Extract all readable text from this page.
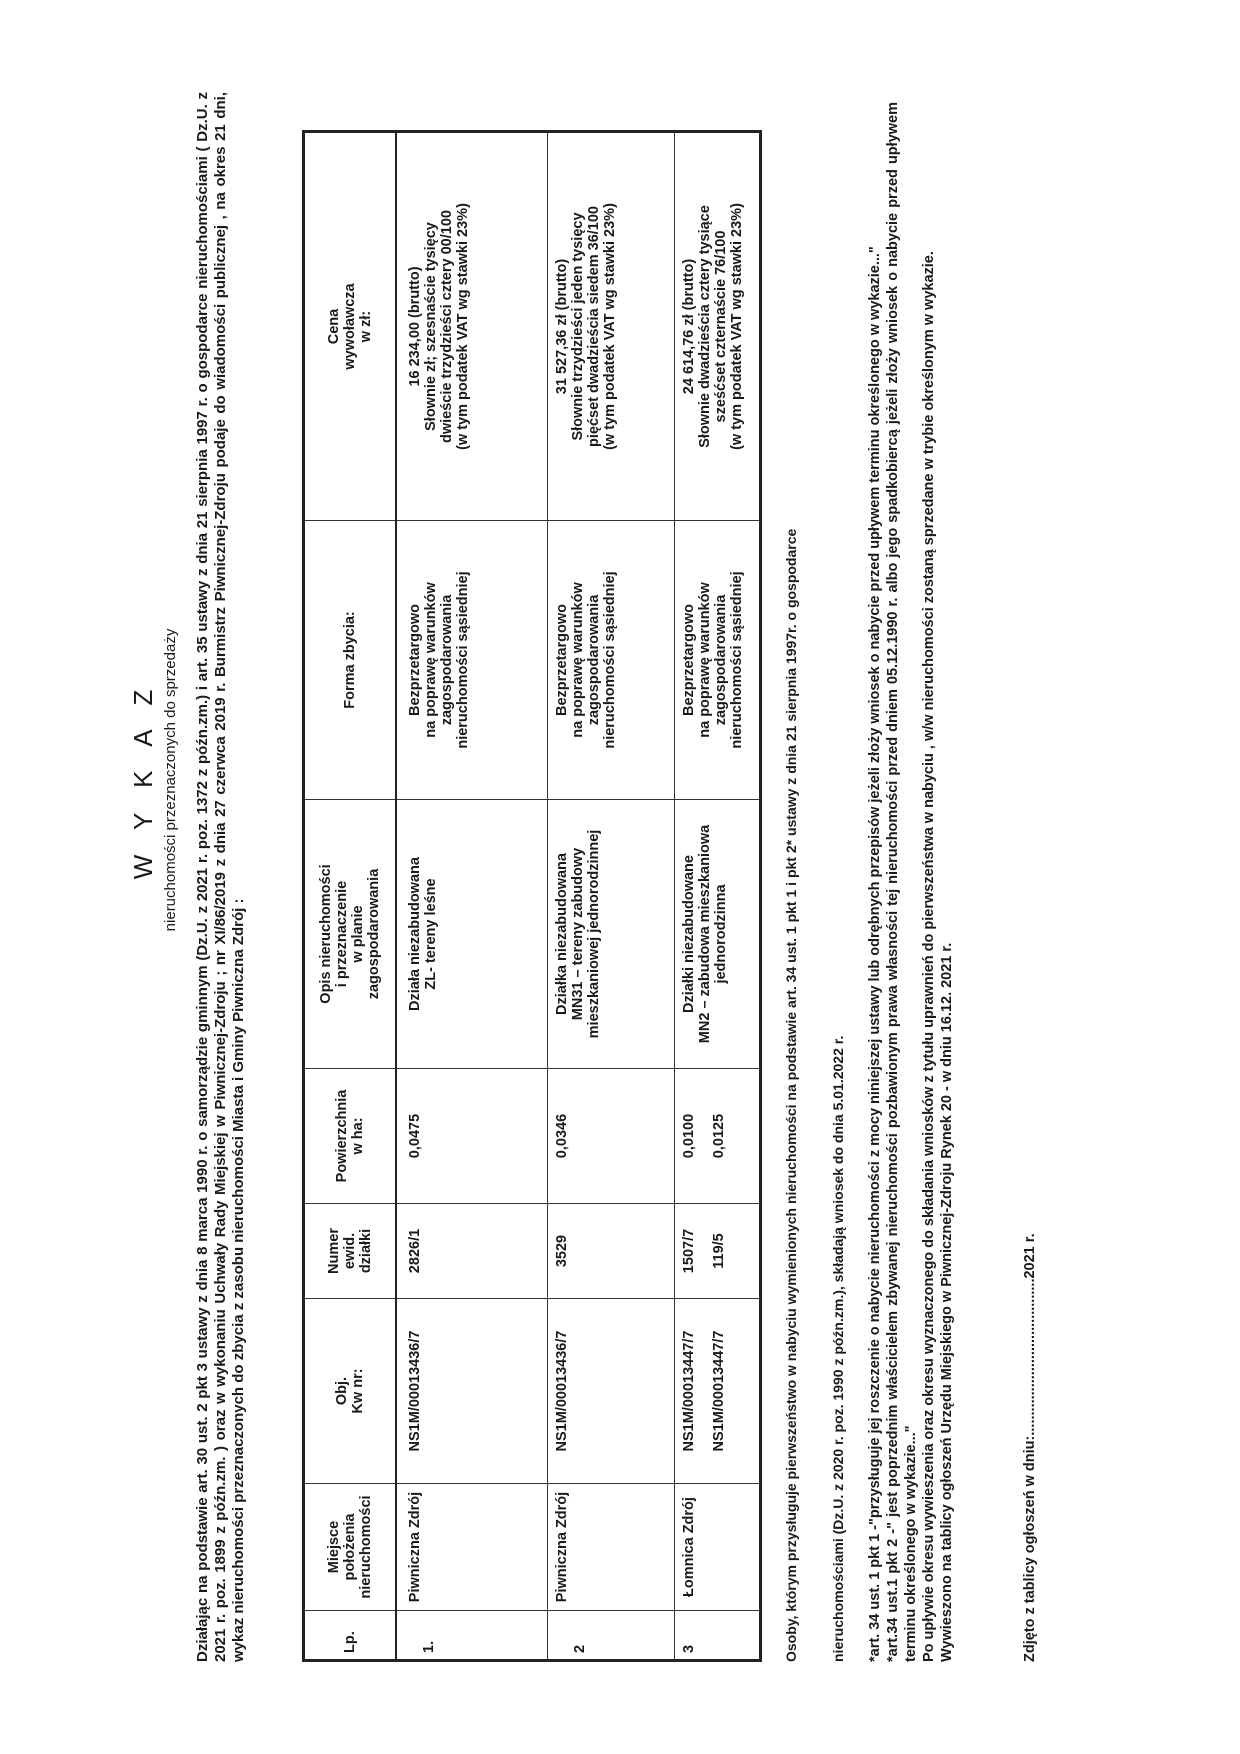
W Y K A Z nieruchomości przeznaczonych do sprzedaży Działając na podstawie art. 30 ust. 2 pkt 3 ustawy z dnia 8 marca 1990 r. o samorządzie gminnym (Dz.U. z 2021 r. poz. 1372 z późn.zm.) i art. 35 ustawy z dnia 21 sierpnia 1997 r. o gospodarce nieruchomościami ( Dz.U. z 2021 r. poz. 1899 z późn.zm. ) oraz w wykonaniu Uchwały Rady Miejskiej w Piwnicznej-Zdroju ; nr XI/86/2019 z dnia 27 czerwca 2019 r. Burmistrz Piwnicznej-Zdroju podaje do wiadomości publicznej , na okres 21 dni, wykaz nieruchomości przeznaczonych do zbycia z zasobu nieruchomości Miasta i Gminy Piwniczna Zdrój :	Lp.	Miejsce położenia nieruchomości	Obj. Kw nr:	Numer ewid. działki	Powierzchnia w ha:	Opis nieruchomości i przeznaczenie w planie zagospodarowania	Forma zbycia:	Cena wywoławcza w zł:

1.	Piwniczna Zdrój	NS1M/00013436/7	2826/1	0,0475	Działa niezabudowana ZL- tereny leśne	Bezprzetargowo na poprawę warunków zagospodarowania nieruchomości sąsiedniej	16 234,00 (brutto) Słownie zł; szesnaście tysięcy dwieście trzydzieści cztery 00/100 (w tym podatek VAT wg stawki 23%)

2	Piwniczna Zdrój	NS1M/00013436/7	3529	0,0346	Działka niezabudowana MN31 – tereny zabudowy mieszkaniowej jednorodzinnej	Bezprzetargowo na poprawę warunków zagospodarowania nieruchomości sąsiedniej	31 527,36 zł (brutto) Słownie trzydzieści jeden tysięcy pięćset dwadzieścia siedem 36/100 (w tym podatek VAT wg stawki 23%)

3	Łomnica Zdrój	NS1M/00013447/7 NS1M/00013447/7	1507/7 119/5	0,0100 0,0125	Działki niezabudowane MN2 – zabudowa mieszkaniowa jednorodzinna	Bezprzetargowo na poprawę warunków zagospodarowania nieruchomości sąsiedniej	24 614,76 zł (brutto) Słownie dwadzieścia cztery tysiące sześćset czternaście 76/100 (w tym podatek VAT wg stawki 23%)
Osoby, którym przysługuje pierwszeństwo w nabyciu wymienionych nieruchomości na podstawie art. 34 ust. 1 pkt 1 i pkt 2* ustawy z dnia 21 sierpnia 1997r. o gospodarce nieruchomościami (Dz.U. z 2020 r. poz. 1990 z późn.zm.), składają wniosek do dnia 5.01.2022 r. *art. 34 ust. 1 pkt 1 -"przysługuje jej roszczenie o nabycie nieruchomości z mocy niniejszej ustawy lub odrębnych przepisów jeżeli złoży wniosek o nabycie przed upływem terminu określonego w wykazie..." *art.34 ust.1 pkt 2 -" jest poprzednim właścicielem zbywanej nieruchomości pozbawionym prawa własności tej nieruchomości przed dniem 05.12.1990 r. albo jego spadkobiercą jeżeli złoży wniosek o nabycie przed upływem terminu określonego w wykazie..." Po upływie okresu wywieszenia oraz okresu wyznaczonego do składania wniosków z tytułu uprawnień do pierwszeństwa w nabyciu , w/w nieruchomości zostaną sprzedane w trybie określonym w wykazie. Wywieszono na tablicy ogłoszeń Urzędu Miejskiego w Piwnicznej-Zdroju Rynek 20 - w dniu 16.12. 2021 r.	Zdjęto z tablicy ogłoszeń w dniu:.......................................2021 r.
